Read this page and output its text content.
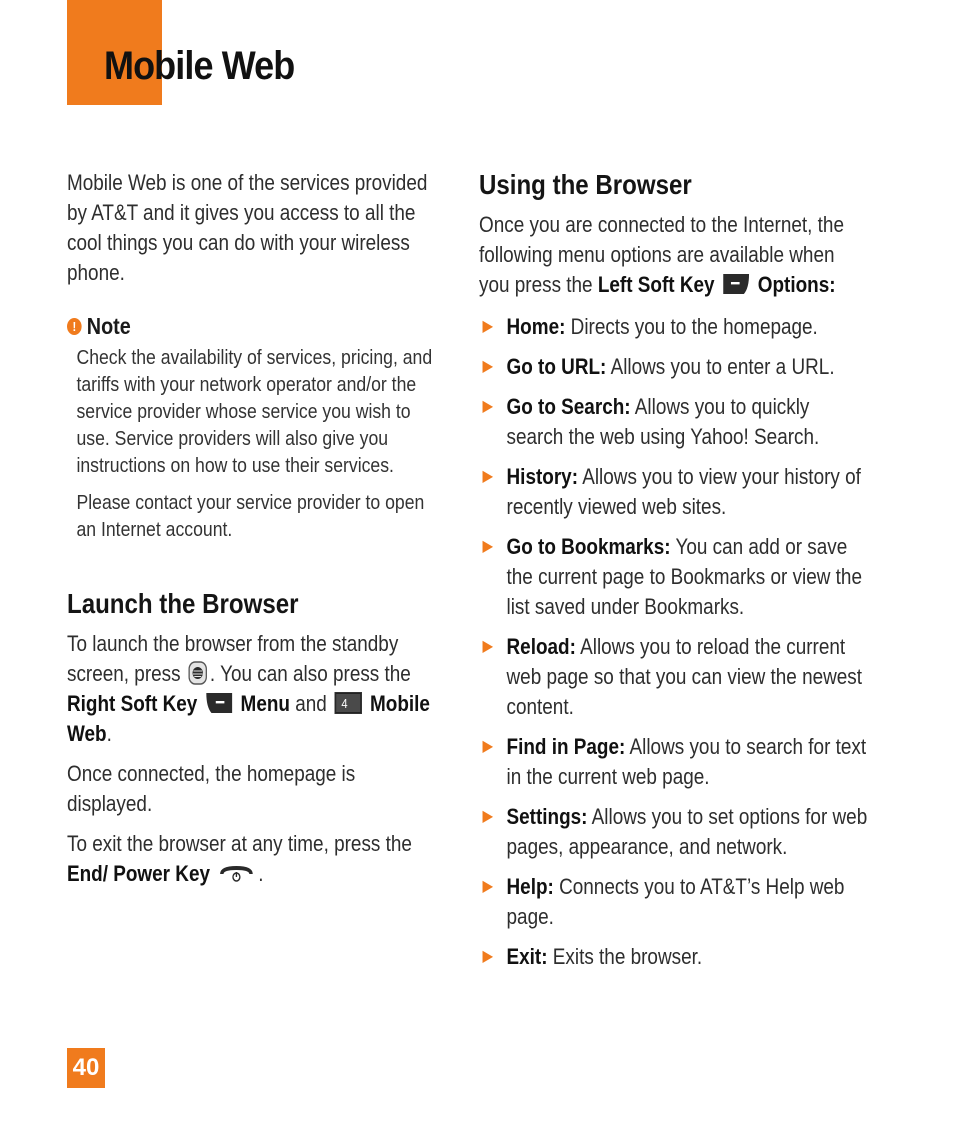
Mobile Web

Mobile Web is one of the services provided by AT&T and it gives you access to all the cool things you can do with your wireless phone.

! Note

Check the availability of services, pricing, and tariffs with your network operator and/or the service provider whose service you wish to use. Service providers will also give you instructions on how to use their services.

Please contact your service provider to open an Internet account.

Launch the Browser

To launch the browser from the standby screen, press . You can also press the Right Soft Key Menu and 4 Mobile Web.

Once connected, the homepage is displayed.

To exit the browser at any time, press the End/ Power Key .

Using the Browser

Once you are connected to the Internet, the following menu options are available when you press the Left Soft Key Options:

▶ Home: Directs you to the homepage.
▶ Go to URL: Allows you to enter a URL.
▶ Go to Search: Allows you to quickly search the web using Yahoo! Search.
▶ History: Allows you to view your history of recently viewed web sites.
▶ Go to Bookmarks: You can add or save the current page to Bookmarks or view the list saved under Bookmarks.
▶ Reload: Allows you to reload the current web page so that you can view the newest content.
▶ Find in Page: Allows you to search for text in the current web page.
▶ Settings: Allows you to set options for web pages, appearance, and network.
▶ Help: Connects you to AT&T’s Help web page.
▶ Exit: Exits the browser.
40
